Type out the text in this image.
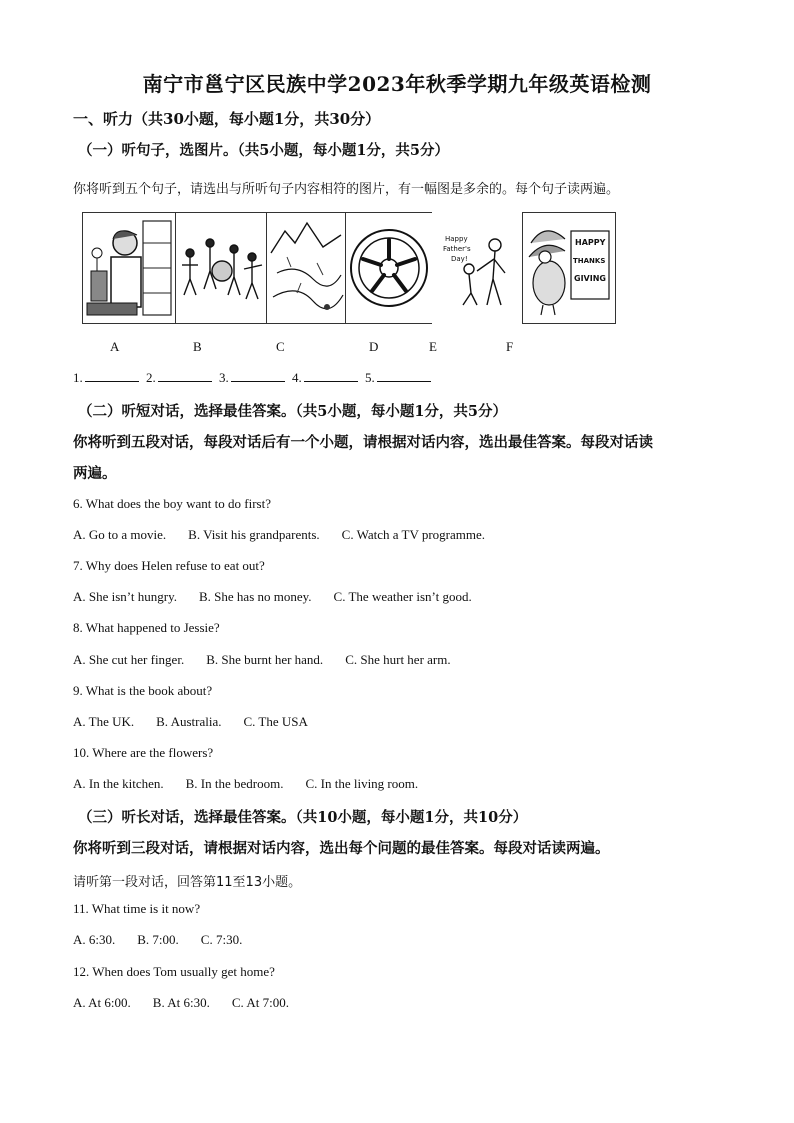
南宁市邕宁区民族中学2023年秋季学期九年级英语检测
一、听力（共30小题，每小题1分，共30分）
（一）听句子，选图片。（共5小题，每小题1分，共5分）
你将听到五个句子，请选出与所听句子内容相符的图片，有一幅图是多余的。每个句子读两遍。
Happy
Father's
Day!
HAPPY
THANKS
GIVING
A	B	C	D	E	F
1.	2.	3.	4.	5.
（二）听短对话，选择最佳答案。（共5小题，每小题1分，共5分）
你将听到五段对话，每段对话后有一个小题，请根据对话内容，选出最佳答案。每段对话读
两遍。
6. What does the boy want to do first?
A. Go to a movie. B. Visit his grandparents. C. Watch a TV programme.
7. Why does Helen refuse to eat out?
A. She isn’t hungry. B. She has no money. C. The weather isn’t good.
8. What happened to Jessie?
A. She cut her finger. B. She burnt her hand. C. She hurt her arm.
9. What is the book about?
A. The UK. B. Australia. C. The USA
10. Where are the flowers?
A. In the kitchen. B. In the bedroom. C. In the living room.
（三）听长对话，选择最佳答案。（共10小题，每小题1分，共10分）
你将听到三段对话，请根据对话内容，选出每个问题的最佳答案。每段对话读两遍。
请听第一段对话，回答第11至13小题。
11. What time is it now?
A. 6:30. B. 7:00. C. 7:30.
12. When does Tom usually get home?
A. At 6:00. B. At 6:30. C. At 7:00.
